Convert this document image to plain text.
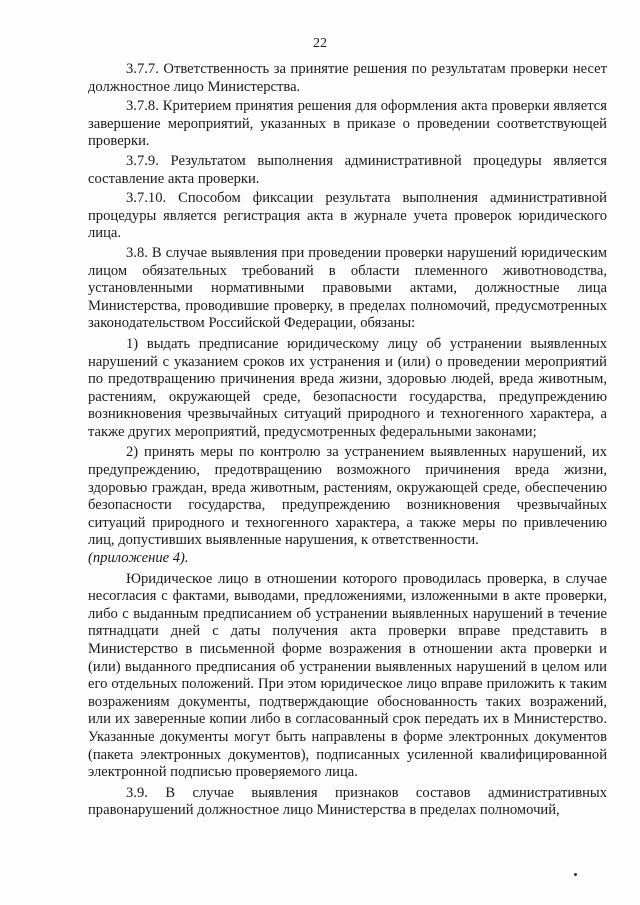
22

3.7.7. Ответственность за принятие решения по результатам проверки несет должностное лицо Министерства.

3.7.8. Критерием принятия решения для оформления акта проверки является завершение мероприятий, указанных в приказе о проведении соответствующей проверки.

3.7.9. Результатом выполнения административной процедуры является составление акта проверки.

3.7.10. Способом фиксации результата выполнения административной процедуры является регистрация акта в журнале учета проверок юридического лица.

3.8. В случае выявления при проведении проверки нарушений юридическим лицом обязательных требований в области племенного животноводства, установленными нормативными правовыми актами, должностные лица Министерства, проводившие проверку, в пределах полномочий, предусмотренных законодательством Российской Федерации, обязаны:

1) выдать предписание юридическому лицу об устранении выявленных нарушений с указанием сроков их устранения и (или) о проведении мероприятий по предотвращению причинения вреда жизни, здоровью людей, вреда животным, растениям, окружающей среде, безопасности государства, предупреждению возникновения чрезвычайных ситуаций природного и техногенного характера, а также других мероприятий, предусмотренных федеральными законами;

2) принять меры по контролю за устранением выявленных нарушений, их предупреждению, предотвращению возможного причинения вреда жизни, здоровью граждан, вреда животным, растениям, окружающей среде, обеспечению безопасности государства, предупреждению возникновения чрезвычайных ситуаций природного и техногенного характера, а также меры по привлечению лиц, допустивших выявленные нарушения, к ответственности.
(приложение 4).

Юридическое лицо в отношении которого проводилась проверка, в случае несогласия с фактами, выводами, предложениями, изложенными в акте проверки, либо с выданным предписанием об устранении выявленных нарушений в течение пятнадцати дней с даты получения акта проверки вправе представить в Министерство в письменной форме возражения в отношении акта проверки и (или) выданного предписания об устранении выявленных нарушений в целом или его отдельных положений. При этом юридическое лицо вправе приложить к таким возражениям документы, подтверждающие обоснованность таких возражений, или их заверенные копии либо в согласованный срок передать их в Министерство. Указанные документы могут быть направлены в форме электронных документов (пакета электронных документов), подписанных усиленной квалифицированной электронной подписью проверяемого лица.

3.9. В случае выявления признаков составов административных правонарушений должностное лицо Министерства в пределах полномочий,
